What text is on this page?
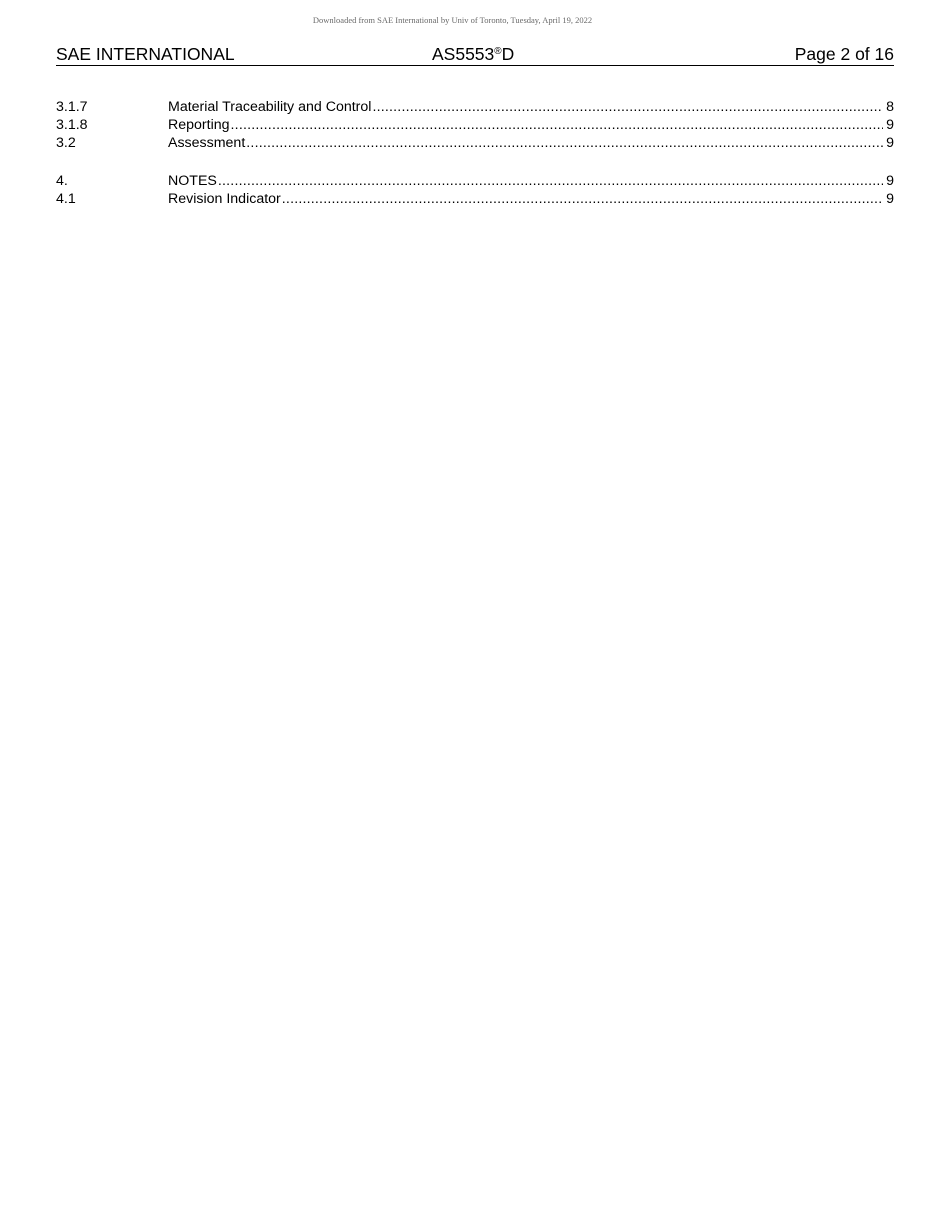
Downloaded from SAE International by Univ of Toronto, Tuesday, April 19, 2022
SAE INTERNATIONAL	AS5553®D	Page 2 of 16
3.1.7	Material Traceability and Control .....	8
3.1.8	Reporting .....	9
3.2	Assessment .....	9
4.	NOTES .....	9
4.1	Revision Indicator .....	9
